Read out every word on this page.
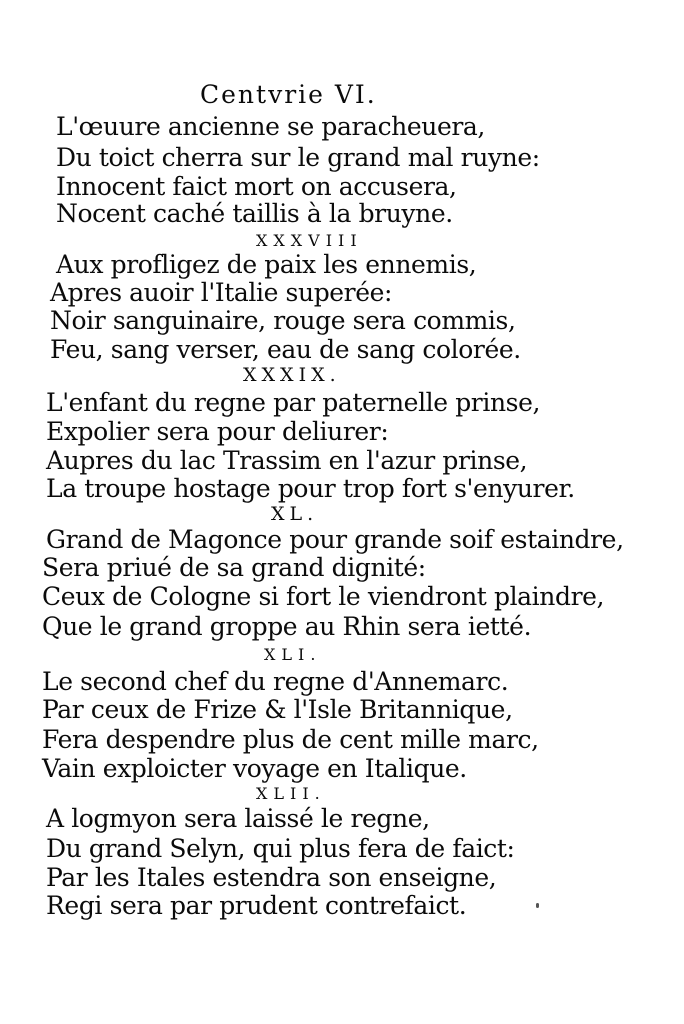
Centvrie VI.
L'œuure ancienne se paracheuera,
Du toict cherra sur le grand mal ruyne:
Innocent faict mort on accusera,
Nocent caché taillis à la bruyne.
XXXVIII
Aux profligez de paix les ennemis,
Apres auoir l'Italie superée:
Noir sanguinaire, rouge sera commis,
Feu, sang verser, eau de sang colorée.
XXXIX.
L'enfant du regne par paternelle prinse,
Expolier sera pour deliurer:
Aupres du lac Trassim en l'azur prinse,
La troupe hostage pour trop fort s'enyurer.
XL.
Grand de Magonce pour grande soif estaindre,
Sera priué de sa grand dignité:
Ceux de Cologne si fort le viendront plaindre,
Que le grand groppe au Rhin sera ietté.
XLI.
Le second chef du regne d'Annemarc.
Par ceux de Frize & l'Isle Britannique,
Fera despendre plus de cent mille marc,
Vain exploicter voyage en Italique.
XLII.
A logmyon sera laissé le regne,
Du grand Selyn, qui plus fera de faict:
Par les Itales estendra son enseigne,
Regi sera par prudent contrefaict.
